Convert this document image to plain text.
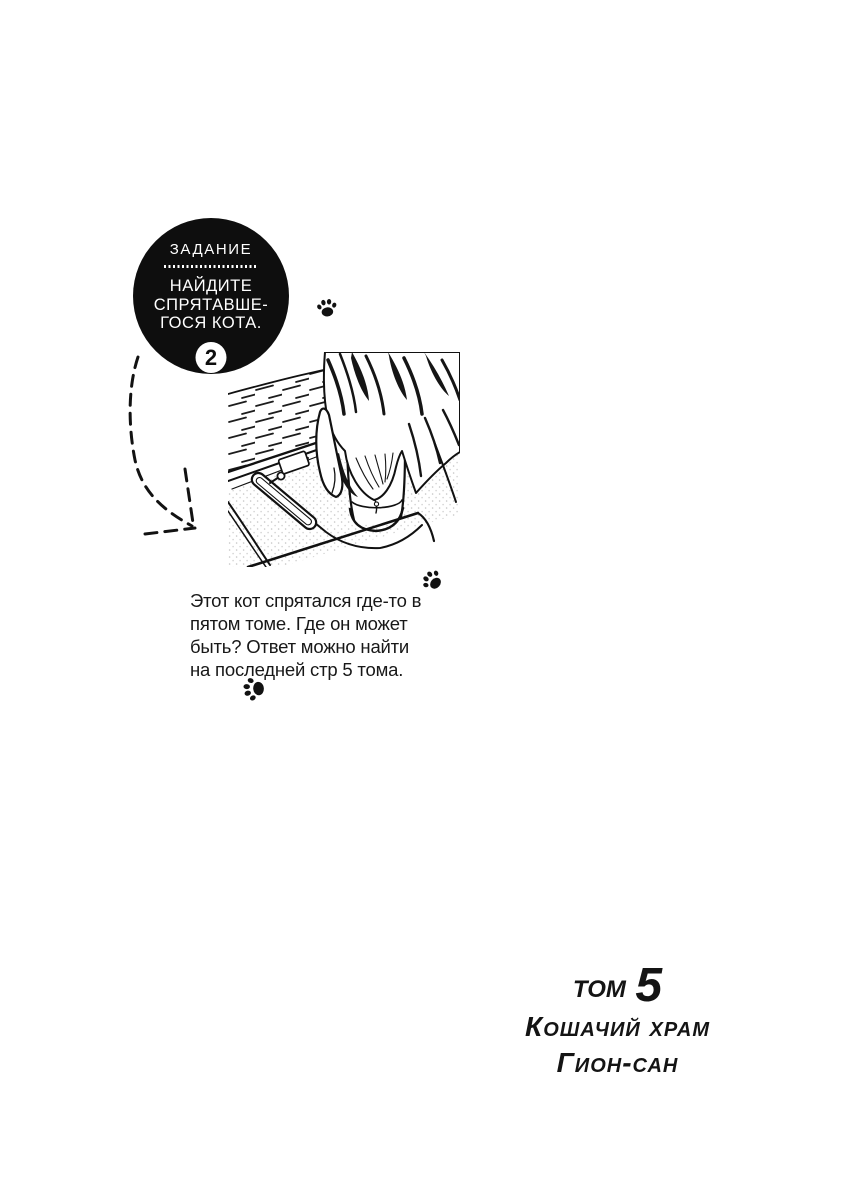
ЗАДАНИЕ
НАЙДИТЕ
СПРЯТАВШЕ-
ГОСЯ КОТА.
2
Этот кот спрятался где-то в
пятом томе. Где он может
быть? Ответ можно найти
на последней стр 5 тома.
том 5
Кошачий храм
Гион-сан
